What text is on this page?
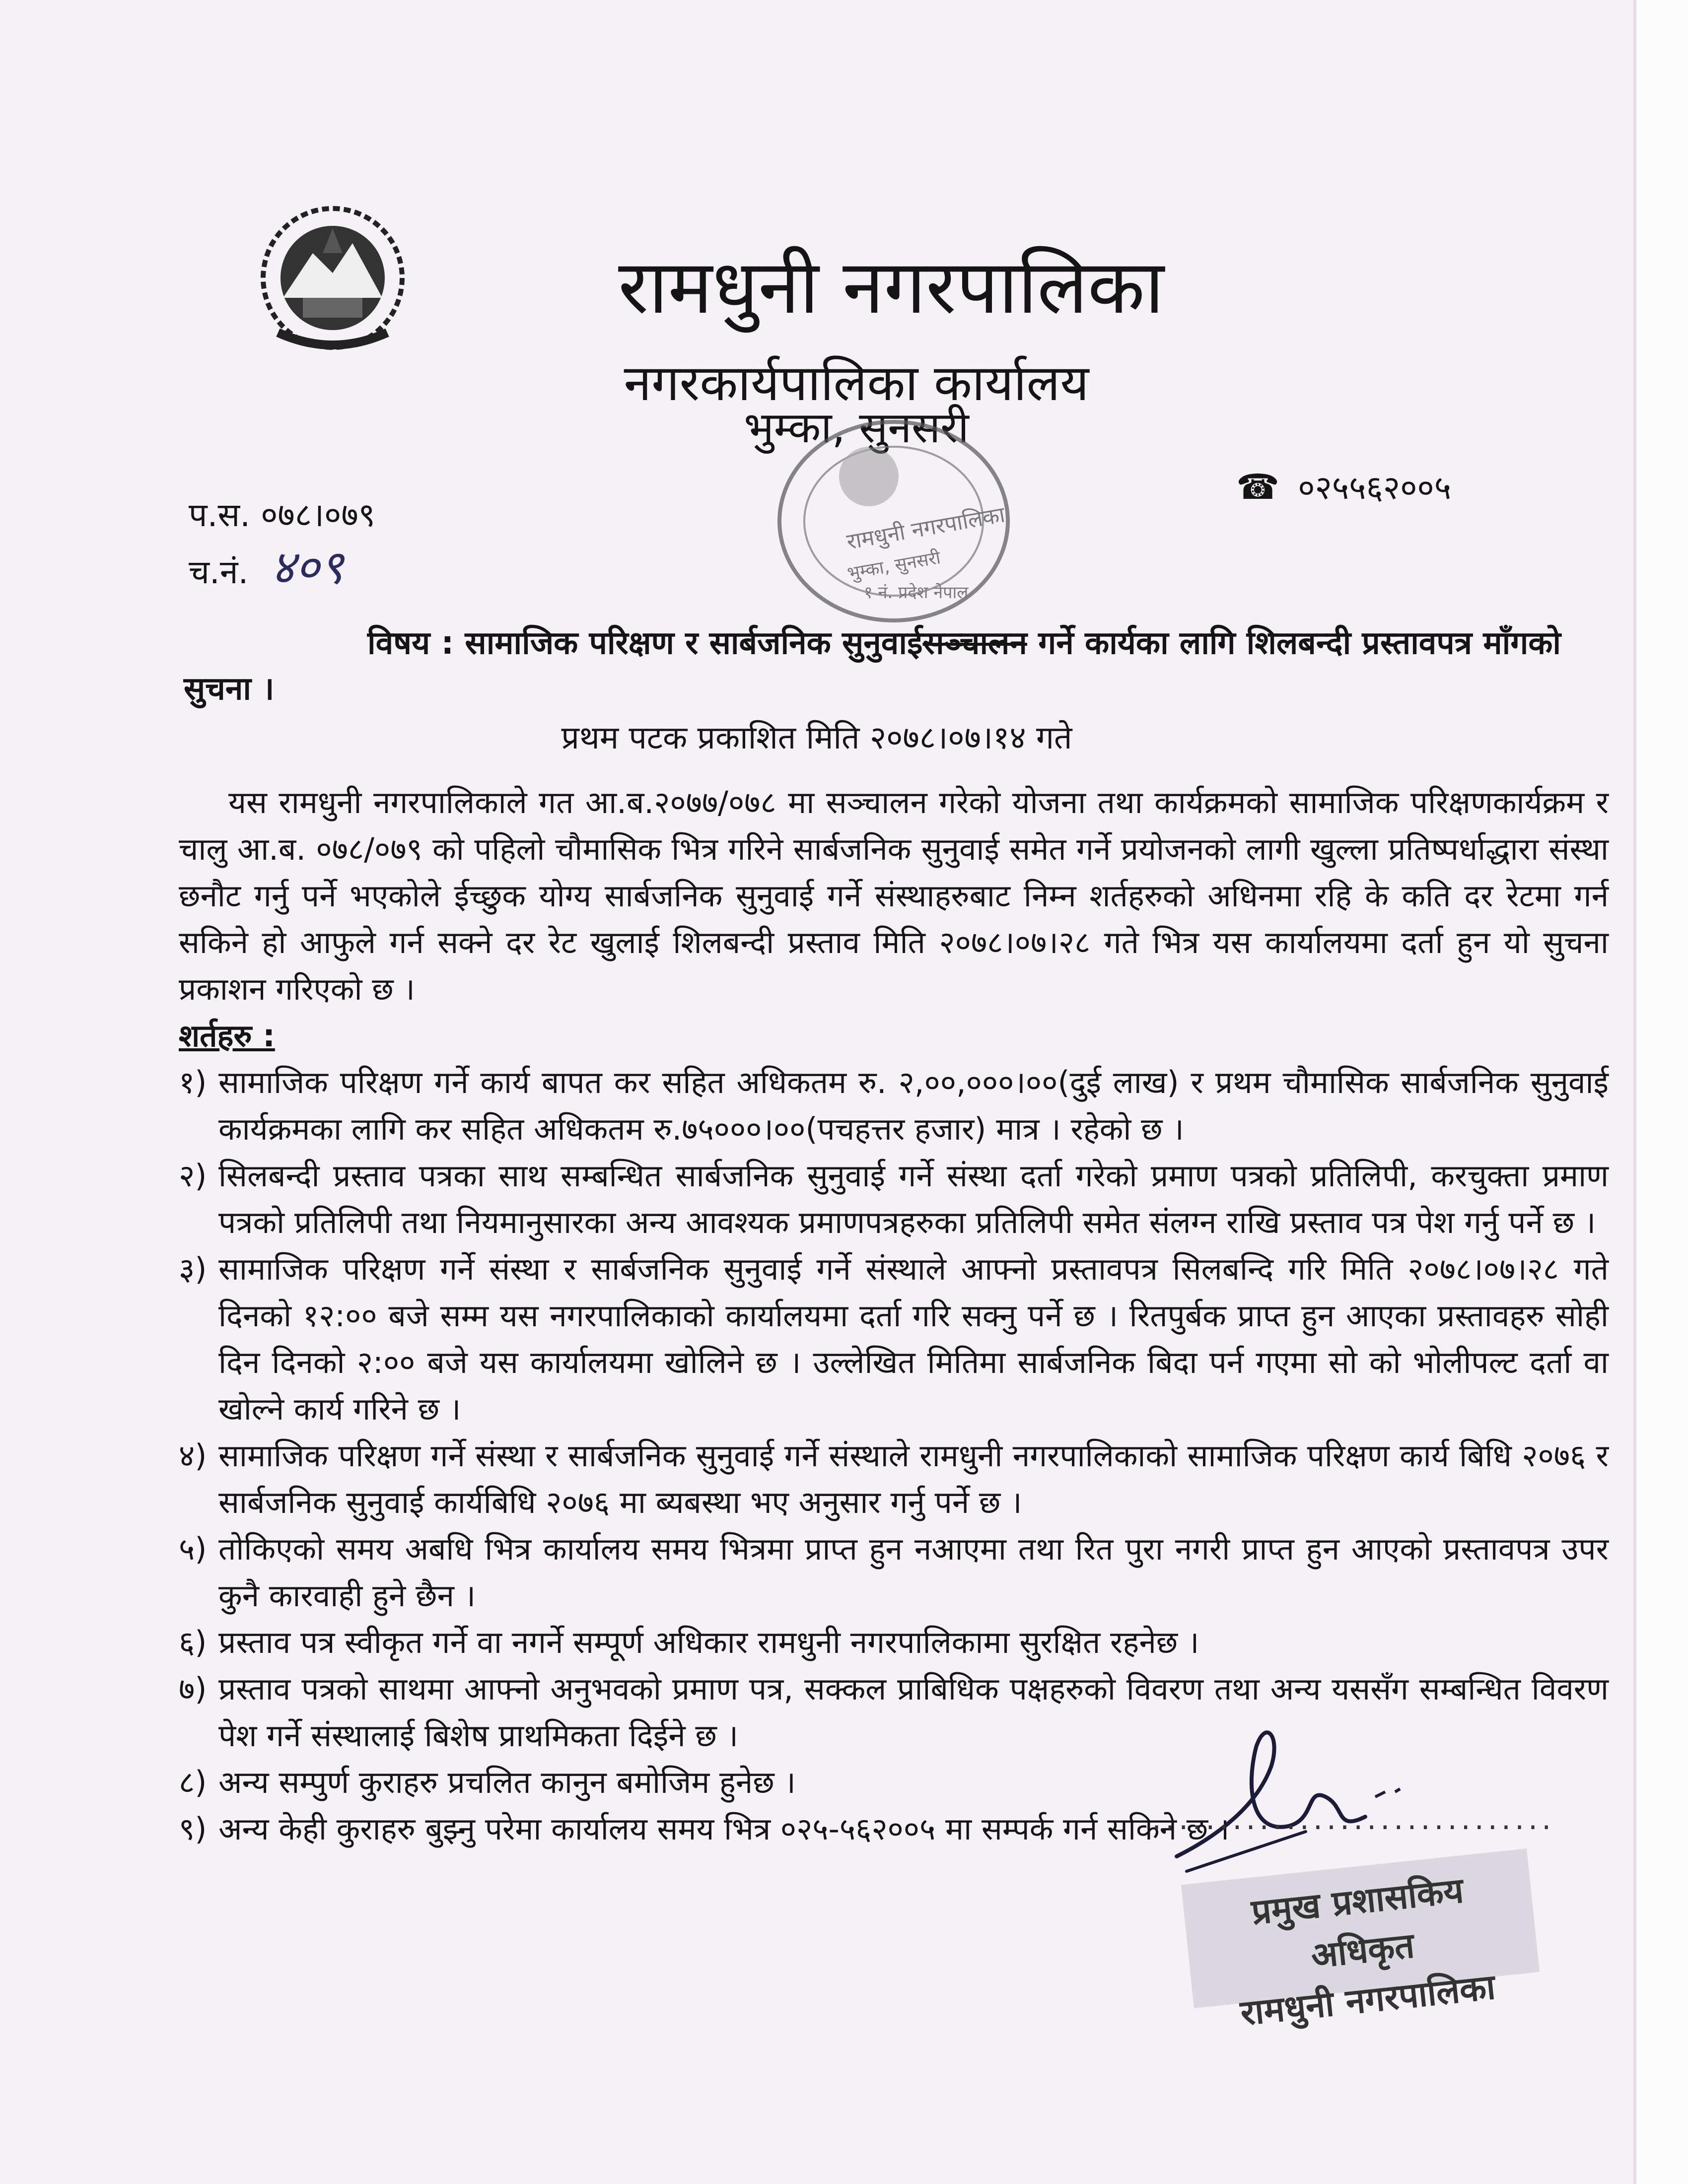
रामधुनी नगरपालिका
नगरकार्यपालिका कार्यालय
भुम्का, सुनसरी
प.स. ०७८।०७९
च.नं. ४०९
☎ ०२५५६२००५
रामधुनी नगरपालिका
भुम्का, सुनसरी
१ नं. प्रदेश नेपाल
विषय : सामाजिक परिक्षण र सार्बजनिक सुनुवाईसञ्चालन गर्ने कार्यका लागि शिलबन्दी प्रस्तावपत्र माँगको सुचना ।
प्रथम पटक प्रकाशित मिति २०७८।०७।१४ गते

यस रामधुनी नगरपालिकाले गत आ.ब.२०७७/०७८ मा सञ्चालन गरेको योजना तथा कार्यक्रमको सामाजिक परिक्षणकार्यक्रम र चालु आ.ब. ०७८/०७९ को पहिलो चौमासिक भित्र गरिने सार्बजनिक सुनुवाई समेत गर्ने प्रयोजनको लागी खुल्ला प्रतिष्पर्धाद्धारा संस्था छनौट गर्नु पर्ने भएकोले ईच्छुक योग्य सार्बजनिक सुनुवाई गर्ने संस्थाहरुबाट निम्न शर्तहरुको अधिनमा रहि के कति दर रेटमा गर्न सकिने हो आफुले गर्न सक्ने दर रेट खुलाई शिलबन्दी प्रस्ताव मिति २०७८।०७।२८ गते भित्र यस कार्यालयमा दर्ता हुन यो सुचना प्रकाशन गरिएको छ ।

शर्तहरु :

१) सामाजिक परिक्षण गर्ने कार्य बापत कर सहित अधिकतम रु. २,००,०००।००(दुई लाख) र प्रथम चौमासिक सार्बजनिक सुनुवाई कार्यक्रमका लागि कर सहित अधिकतम रु.७५०००।००(पचहत्तर हजार) मात्र । रहेको छ ।
२) सिलबन्दी प्रस्ताव पत्रका साथ सम्बन्धित सार्बजनिक सुनुवाई गर्ने संस्था दर्ता गरेको प्रमाण पत्रको प्रतिलिपी, करचुक्ता प्रमाण पत्रको प्रतिलिपी तथा नियमानुसारका अन्य आवश्यक प्रमाणपत्रहरुका प्रतिलिपी समेत संलग्न राखि प्रस्ताव पत्र पेश गर्नु पर्ने छ ।
३) सामाजिक परिक्षण गर्ने संस्था र सार्बजनिक सुनुवाई गर्ने संस्थाले आफ्नो प्रस्तावपत्र सिलबन्दि गरि मिति २०७८।०७।२८ गते दिनको १२:०० बजे सम्म यस नगरपालिकाको कार्यालयमा दर्ता गरि सक्नु पर्ने छ । रितपुर्बक प्राप्त हुन आएका प्रस्तावहरु सोही दिन दिनको २:०० बजे यस कार्यालयमा खोलिने छ । उल्लेखित मितिमा सार्बजनिक बिदा पर्न गएमा सो को भोलीपल्ट दर्ता वा खोल्ने कार्य गरिने छ ।
४) सामाजिक परिक्षण गर्ने संस्था र सार्बजनिक सुनुवाई गर्ने संस्थाले रामधुनी नगरपालिकाको सामाजिक परिक्षण कार्य बिधि २०७६ र सार्बजनिक सुनुवाई कार्यबिधि २०७६ मा ब्यबस्था भए अनुसार गर्नु पर्ने छ ।
५) तोकिएको समय अबधि भित्र कार्यालय समय भित्रमा प्राप्त हुन नआएमा तथा रित पुरा नगरी प्राप्त हुन आएको प्रस्तावपत्र उपर कुनै कारवाही हुने छैन ।
६) प्रस्ताव पत्र स्वीकृत गर्ने वा नगर्ने सम्पूर्ण अधिकार रामधुनी नगरपालिकामा सुरक्षित रहनेछ ।
७) प्रस्ताव पत्रको साथमा आफ्नो अनुभवको प्रमाण पत्र, सक्कल प्राबिधिक पक्षहरुको विवरण तथा अन्य यससँग सम्बन्धित विवरण पेश गर्ने संस्थालाई बिशेष प्राथमिकता दिईने छ ।
८) अन्य सम्पुर्ण कुराहरु प्रचलित कानुन बमोजिम हुनेछ ।
९) अन्य केही कुराहरु बुझ्नु परेमा कार्यालय समय भित्र ०२५-५६२००५ मा सम्पर्क गर्न सकिने छ ।
..............................
प्रमुख प्रशासकिय अधिकृत
रामधुनी नगरपालिका
